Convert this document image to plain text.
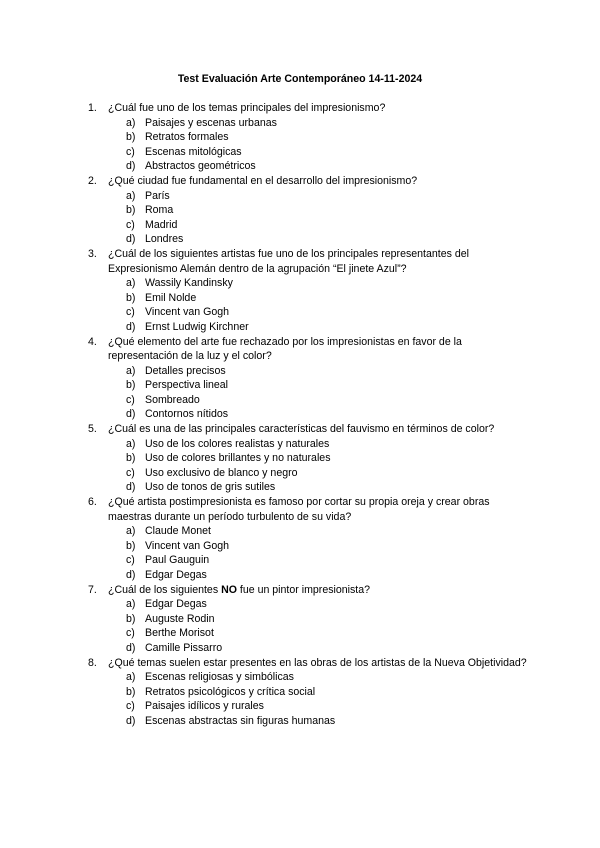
Test Evaluación Arte Contemporáneo 14-11-2024
1. ¿Cuál fue uno de los temas principales del impresionismo?
a) Paisajes y escenas urbanas
b) Retratos formales
c) Escenas mitológicas
d) Abstractos geométricos
2. ¿Qué ciudad fue fundamental en el desarrollo del impresionismo?
a) París
b) Roma
c) Madrid
d) Londres
3. ¿Cuál de los siguientes artistas fue uno de los principales representantes del Expresionismo Alemán dentro de la agrupación “El jinete Azul”?
a) Wassily Kandinsky
b) Emil Nolde
c) Vincent van Gogh
d) Ernst Ludwig Kirchner
4. ¿Qué elemento del arte fue rechazado por los impresionistas en favor de la representación de la luz y el color?
a) Detalles precisos
b) Perspectiva lineal
c) Sombreado
d) Contornos nítidos
5. ¿Cuál es una de las principales características del fauvismo en términos de color?
a) Uso de los colores realistas y naturales
b) Uso de colores brillantes y no naturales
c) Uso exclusivo de blanco y negro
d) Uso de tonos de gris sutiles
6. ¿Qué artista postimpresionista es famoso por cortar su propia oreja y crear obras maestras durante un período turbulento de su vida?
a) Claude Monet
b) Vincent van Gogh
c) Paul Gauguin
d) Edgar Degas
7. ¿Cuál de los siguientes NO fue un pintor impresionista?
a) Edgar Degas
b) Auguste Rodin
c) Berthe Morisot
d) Camille Pissarro
8. ¿Qué temas suelen estar presentes en las obras de los artistas de la Nueva Objetividad?
a) Escenas religiosas y simbólicas
b) Retratos psicológicos y crítica social
c) Paisajes idílicos y rurales
d) Escenas abstractas sin figuras humanas
